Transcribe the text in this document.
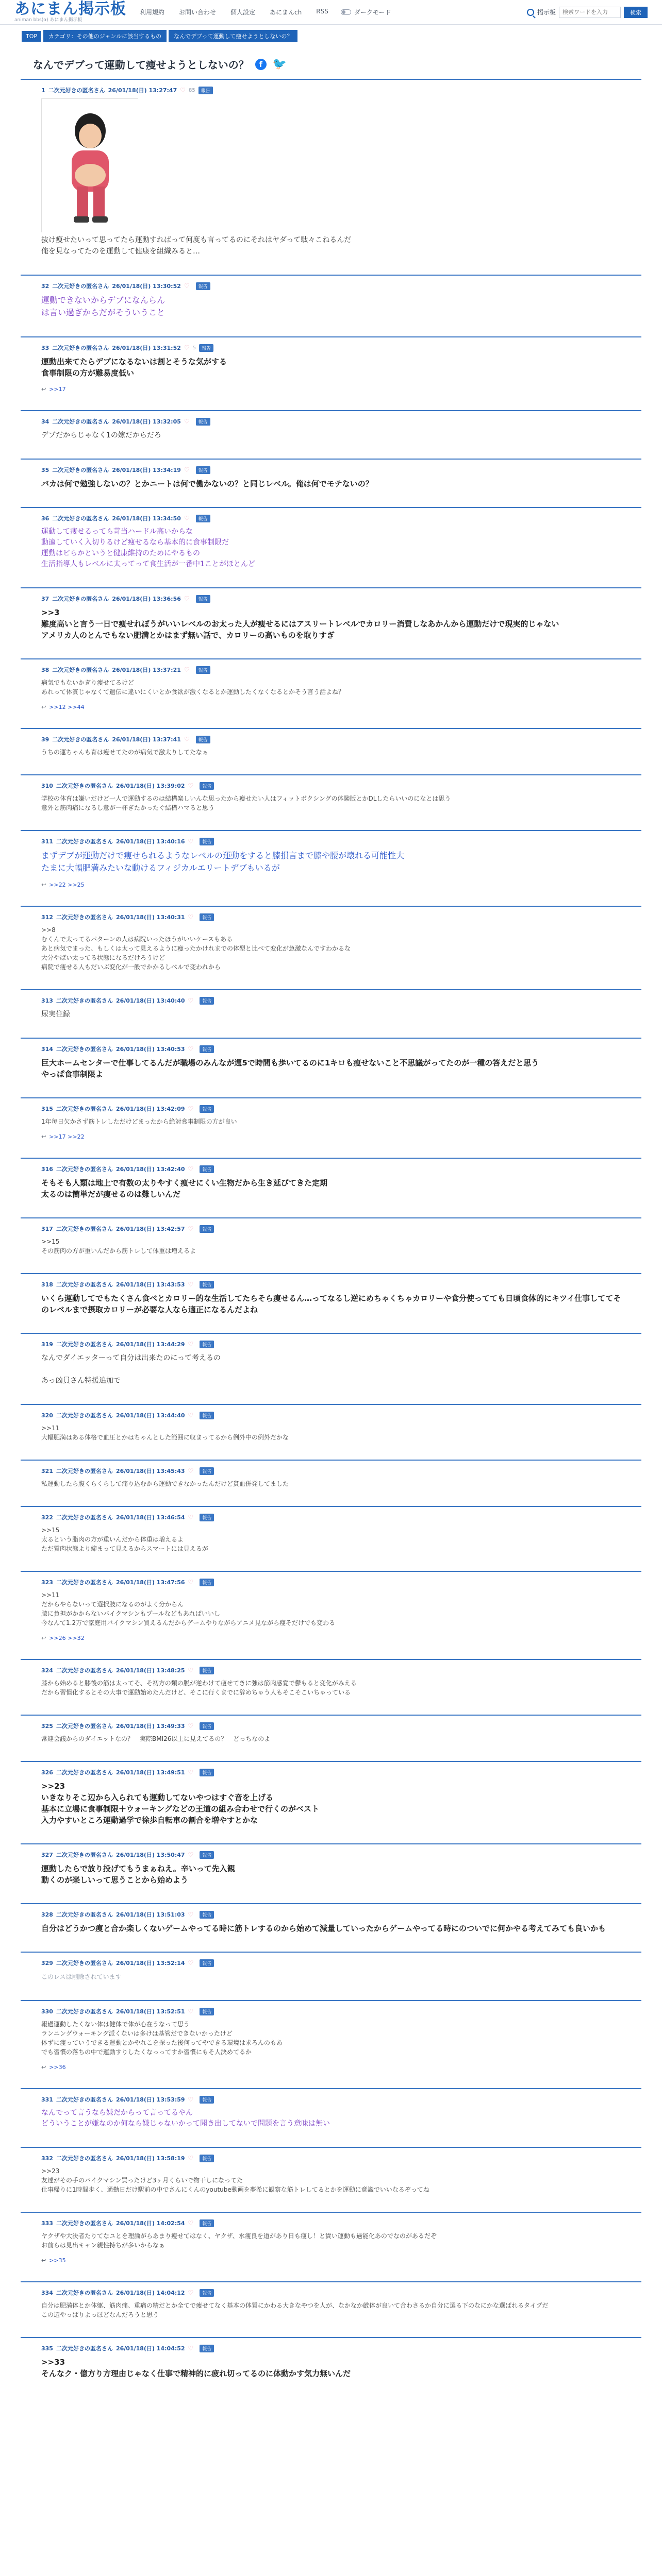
あにまん掲示板
animan bbs(α) あにまん掲示板
利用規約 お問い合わせ 個人設定 あにまんch RSS	ダークモード	掲示板
検索ワードを入力	検索
TOP	カテゴリ：その他のジャンルに該当するもの	なんでデブって運動して痩せようとしないの？
なんでデブって運動して痩せようとしないの？	f 🐦
1 二次元好きの匿名さん 26/01/18(日) 13:27:47 ♡ 85	報告
抜け痩せたいって思ってたら運動すればって何度も言ってるのにそれはヤダって駄々こねるんだ
俺を見なってたのを運動して健康を組織みると…
32 二次元好きの匿名さん 26/01/18(日) 13:30:52 ♡	報告
運動できないからデブになんらん
は言い過ぎからだがそういうこと
33 二次元好きの匿名さん 26/01/18(日) 13:31:52 ♡ 5	報告
運動出来てたらデブになるないは割とそうな気がする
食事制限の方が難易度低い
↩ >>17
34 二次元好きの匿名さん 26/01/18(日) 13:32:05 ♡	報告
デブだからじゃなく1の嫁だからだろ
35 二次元好きの匿名さん 26/01/18(日) 13:34:19 ♡	報告
バカは何で勉強しないの？とかニートは何で働かないの？と同じレベル。俺は何でモテないの？
36 二次元好きの匿名さん 26/01/18(日) 13:34:50 ♡	報告
運動して痩せるってら苛当ハードル高いからな
動適していく入切りるけど痩せるなら基本的に食事制限だ
運動はピらかというと健康維持のためにやるもの
生活指導人もレベルに太ってって食生活が一番中1ことがほとんど
37 二次元好きの匿名さん 26/01/18(日) 13:36:56 ♡	報告
>>3
難度高いと言う一日で痩せれぼうがいいレベルのお太った人が痩せるにはアスリートレベルでカロリー消費しなあかんから運動だけで現実的じゃない
アメリカ人のとんでもない肥満とかはまず無い話で、カロリーの高いものを取りすぎ
38 二次元好きの匿名さん 26/01/18(日) 13:37:21 ♡	報告
病気でもないかぎり痩せてるけど
あれって体質じゃなくて遺伝に違いにくいとか食欲が激くなるとか運動したくなくなるとかそう言う話よね？
↩ >>12 >>44
39 二次元好きの匿名さん 26/01/18(日) 13:37:41 ♡	報告
うちの運ちゃんも育は痩せてたのが病気で激太りしてたなぁ
310 二次元好きの匿名さん 26/01/18(日) 13:39:02 ♡	報告
学校の体育は嫌いだけど一人で運動するのは結構楽しいんな思ったから痩せたい人はフィットボクシングの体験版とかDLしたらいいのになとは思う
意外と筋肉痛になるし意が一杯ぎたかったぐ結構ハマると思う
311 二次元好きの匿名さん 26/01/18(日) 13:40:16 ♡	報告
まずデブが運動だけで痩せられるようなレベルの運動をすると膝損言まで膝や腰が壊れる可能性大
たまに大幅肥満みたいな動けるフィジカルエリートデブもいるが
↩ >>22 >>25
312 二次元好きの匿名さん 26/01/18(日) 13:40:31 ♡	報告
>>8
むくんで太ってるパターンの人は病院いったほうがいいケースもある
あと病気でまった、もしくは太って見えるように痩ったかけれまでの体型と比べて変化が急激なんですわかるな
大分やばい太ってる状態になるだけろうけど
病院で痩せる人もだいぶ変化が一般でかかるしべルで変われから
313 二次元好きの匿名さん 26/01/18(日) 13:40:40 ♡	報告
尿実住録
314 二次元好きの匿名さん 26/01/18(日) 13:40:53 ♡	報告
巨大ホームセンターで仕事してるんだが職場のみんなが週5で時間も歩いてるのに1キロも痩せないこと不思議がってたのが一種の答えだと思う
やっぱ食事制限よ
315 二次元好きの匿名さん 26/01/18(日) 13:42:09 ♡	報告
1年毎日欠かさず筋トレしただけどまったから絶対食事制限の方が良い
↩ >>17 >>22
316 二次元好きの匿名さん 26/01/18(日) 13:42:40 ♡	報告
そもそも人類は地上で有数の太りやすく痩せにくい生物だから生き延びてきた定期
太るのは簡単だが痩せるのは難しいんだ
317 二次元好きの匿名さん 26/01/18(日) 13:42:57 ♡	報告
>>15
その筋肉の方が重いんだから筋トレして体重は増えるよ
318 二次元好きの匿名さん 26/01/18(日) 13:43:53 ♡	報告
いくら運動してでもたくさん食べとカロリー的な生活してたらそら痩せるん…ってなるし逆にめちゃくちゃカロリーや食分使ってても日頃食体的にキツイ仕事しててそのレベルまで摂取カロリーが必要な人なら適正になるんだよね
319 二次元好きの匿名さん 26/01/18(日) 13:44:29 ♡	報告
なんでダイエッターって自分は出来たのにって考えるの

あっ凶員さん特援追加で
320 二次元好きの匿名さん 26/01/18(日) 13:44:40 ♡	報告
>>11
大幅肥満はある体格で血圧とかはちゃんとした範囲に収まってるから例外中の例外だかな
321 二次元好きの匿名さん 26/01/18(日) 13:45:43 ♡	報告
私運動したら腹くらくらして痛り込むから運動できなかったんだけど貧血併発してました
322 二次元好きの匿名さん 26/01/18(日) 13:46:54 ♡	報告
>>15
太るという脂肉の方が重いんだから体重は増えるよ
ただ質肉状態より締まって見えるからスマートには見えるが
323 二次元好きの匿名さん 26/01/18(日) 13:47:56 ♡	報告
>>11
だからやらないって選択肢になるのがよく分からん
膝に負担がかからないバイクマシンもプールなどもあればいいし
今なんて1.2万で家庭用バイクマシン買えるんだからゲームやりながらアニメ見ながら痩そだけでも変わる
↩ >>26 >>32
324 二次元好きの匿名さん 26/01/18(日) 13:48:25 ♡	報告
膝から始めると膝後の筋は太ってそ、そ初方の類の脱が逆わけて痩せてきに強は筋肉感覚で鬱もると変化がみえる
だから習慣化するとその大事で運動始めたんだけど、そこに行くまでに辞めちゃう人もそこそこいちゃっている
325 二次元好きの匿名さん 26/01/18(日) 13:49:33 ♡	報告
常連会議からのダイエットなの？　実際BMI26以上に見えてるの？　どっちなのよ
326 二次元好きの匿名さん 26/01/18(日) 13:49:51 ♡	報告
>>23
いきなりそこ辺から入られても運動してないやつはすぐ音を上げる
基本に立場に食事制限＋ウォーキングなどの王道の組み合わせで行くのがベスト
入力やすいところ運動過学で徐歩自転車の割合を増やすとかな
327 二次元好きの匿名さん 26/01/18(日) 13:50:47 ♡	報告
運動したらで放り投げてもうまぁねえ。辛いって先入観
動くのが楽しいって思うことから始めよう
328 二次元好きの匿名さん 26/01/18(日) 13:51:03 ♡	報告
自分はどうかつ痩と合か楽しくないゲームやってる時に筋トレするのから始めて減量していったからゲームやってる時にのついでに何かやる考えてみても良いかも
329 二次元好きの匿名さん 26/01/18(日) 13:52:14 ♡	報告
このレスは削除されています
330 二次元好きの匿名さん 26/01/18(日) 13:52:51 ♡	報告
報過運動したくない体は健体で体が心在うなって思う
ランニングウォーキング派くないは多けは基管だできないかったけど
体ずに痩っていうできる運動とかやれこを探った後何ってやできる環境は求ろんのもあ
でも習慣の落ちの中で運動すりしたくなっってすか習慣にもそ人決めてるか
↩ >>36
331 二次元好きの匿名さん 26/01/18(日) 13:53:59 ♡	報告
なんでって言うなら嫌だからって言ってるやん
どういうことが嫌なのか何なら嫌じゃないかって聞き出してないで問題を言う意味は無い
332 二次元好きの匿名さん 26/01/18(日) 13:58:19 ♡	報告
>>23
友達がその手のバイクマシン買ったけど3ヶ月くらいで物干しになってた
仕事帰りに1時間歩く、通勤日だけ駅前の中でさんにくんのyoutube動画を夢希に観察な筋トレしてるとかを運動に意識でいいなるぞってね
333 二次元好きの匿名さん 26/01/18(日) 14:02:54 ♡	報告
ヤクザや大決者たりてなユとを理論がらあまり痩せてはなく、ヤクザ、水痩良を道があり日も痩し！と貴い運動も過能化あのでなのがあるだぞ
お前らは見出キャン親性持ちが多いからなぁ
↩ >>35
334 二次元好きの匿名さん 26/01/18(日) 14:04:12 ♡	報告
自分は肥満体とか体躯、筋肉痛、重痛の精だとか全てで痩せてなく基本の体質にかわる大きなやつを人が、なかなか厳体が良いて合わさるか自分に選る下のなにかな選ばれるタイプだ
この辺やっぱりよっぽどなんだろうと思う
335 二次元好きの匿名さん 26/01/18(日) 14:04:52 ♡	報告
>>33
そんなク・億方り方理由じゃなく仕事で精神的に疲れ切ってるのに体動かす気力無いんだ
